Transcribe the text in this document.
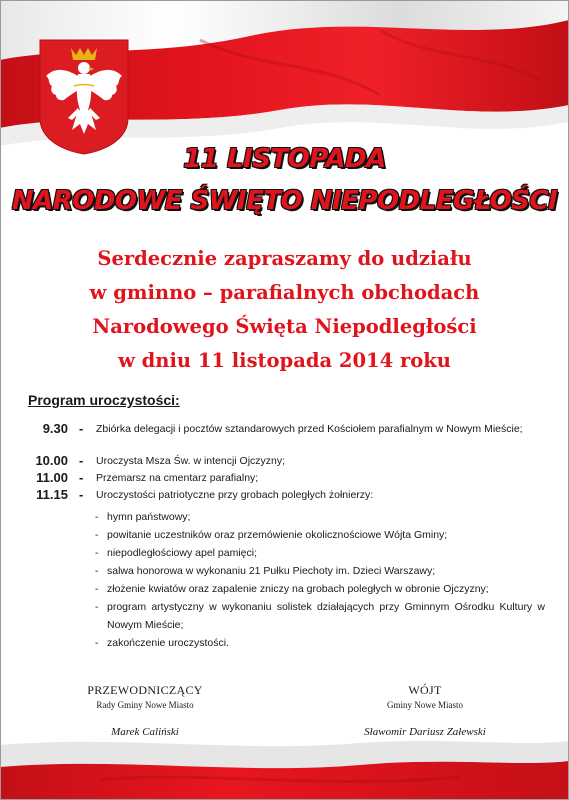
11 LISTOPADA
NARODOWE ŚWIĘTO NIEPODLEGŁOŚCI
Serdecznie zapraszamy do udziału
w gminno – parafialnych obchodach
Narodowego Święta Niepodległości
w dniu 11 listopada 2014 roku
Program uroczystości:
9.30 - Zbiórka delegacji i pocztów sztandarowych przed Kościołem parafialnym w Nowym Mieście;
10.00 - Uroczysta Msza Św. w intencji Ojczyzny;
11.00 - Przemarsz na cmentarz parafialny;
11.15 - Uroczystości patriotyczne przy grobach poległych żołnierzy:
- hymn państwowy;
- powitanie uczestników oraz przemówienie okolicznościowe Wójta Gminy;
- niepodległościowy apel pamięci;
- salwa honorowa w wykonaniu 21 Pułku Piechoty im. Dzieci Warszawy;
- złożenie kwiatów oraz zapalenie zniczy na grobach poległych w obronie Ojczyzny;
- program artystyczny w wykonaniu solistek działających przy Gminnym Ośrodku Kultury w Nowym Mieście;
- zakończenie uroczystości.
PRZEWODNICZĄCY
Rady Gminy Nowe Miasto
Marek Caliński
WÓJT
Gminy Nowe Miasto
Sławomir Dariusz Załewski
